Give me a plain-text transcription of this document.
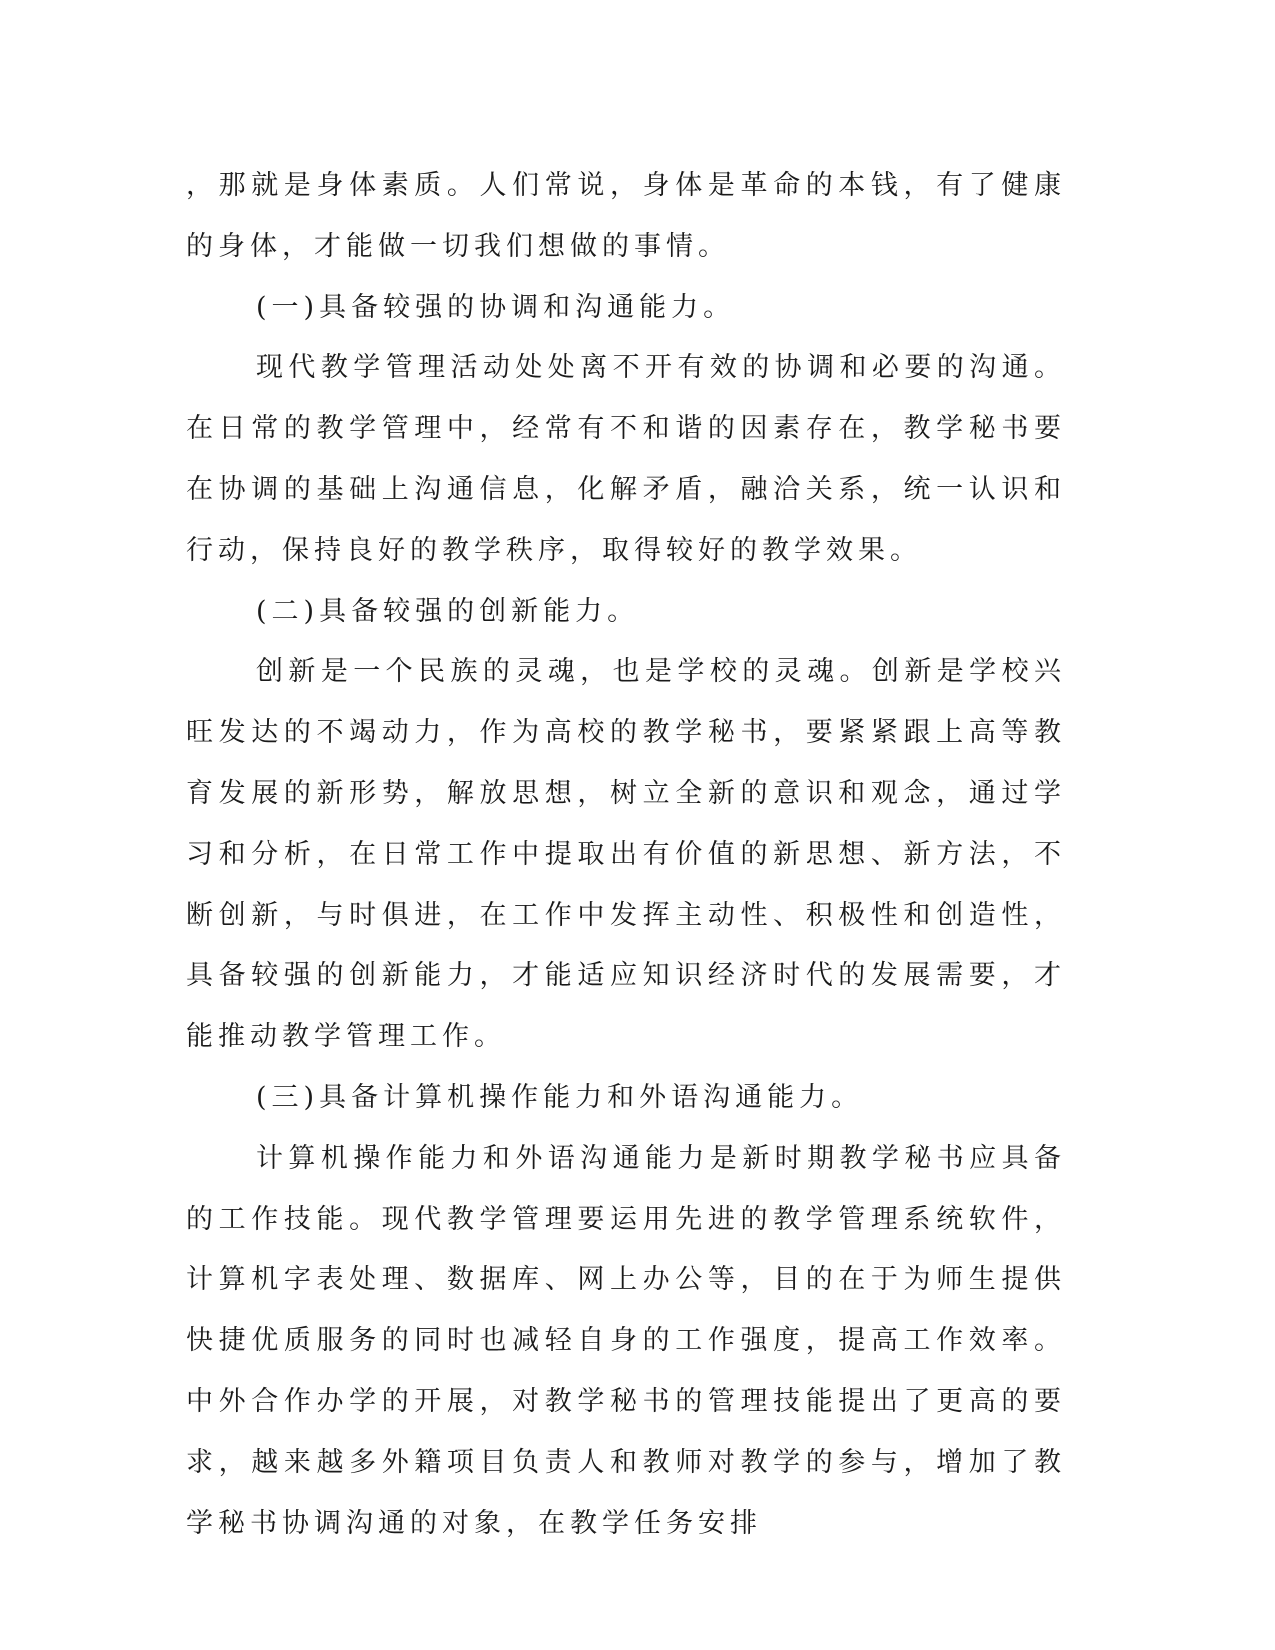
，那就是身体素质。人们常说，身体是革命的本钱，有了健康的身体，才能做一切我们想做的事情。

(一)具备较强的协调和沟通能力。

现代教学管理活动处处离不开有效的协调和必要的沟通。在日常的教学管理中，经常有不和谐的因素存在，教学秘书要在协调的基础上沟通信息，化解矛盾，融洽关系，统一认识和行动，保持良好的教学秩序，取得较好的教学效果。

(二)具备较强的创新能力。

创新是一个民族的灵魂，也是学校的灵魂。创新是学校兴旺发达的不竭动力，作为高校的教学秘书，要紧紧跟上高等教育发展的新形势，解放思想，树立全新的意识和观念，通过学习和分析，在日常工作中提取出有价值的新思想、新方法，不断创新，与时俱进，在工作中发挥主动性、积极性和创造性，具备较强的创新能力，才能适应知识经济时代的发展需要，才能推动教学管理工作。

(三)具备计算机操作能力和外语沟通能力。

计算机操作能力和外语沟通能力是新时期教学秘书应具备的工作技能。现代教学管理要运用先进的教学管理系统软件，计算机字表处理、数据库、网上办公等，目的在于为师生提供快捷优质服务的同时也减轻自身的工作强度，提高工作效率。中外合作办学的开展，对教学秘书的管理技能提出了更高的要求，越来越多外籍项目负责人和教师对教学的参与，增加了教学秘书协调沟通的对象，在教学任务安排
